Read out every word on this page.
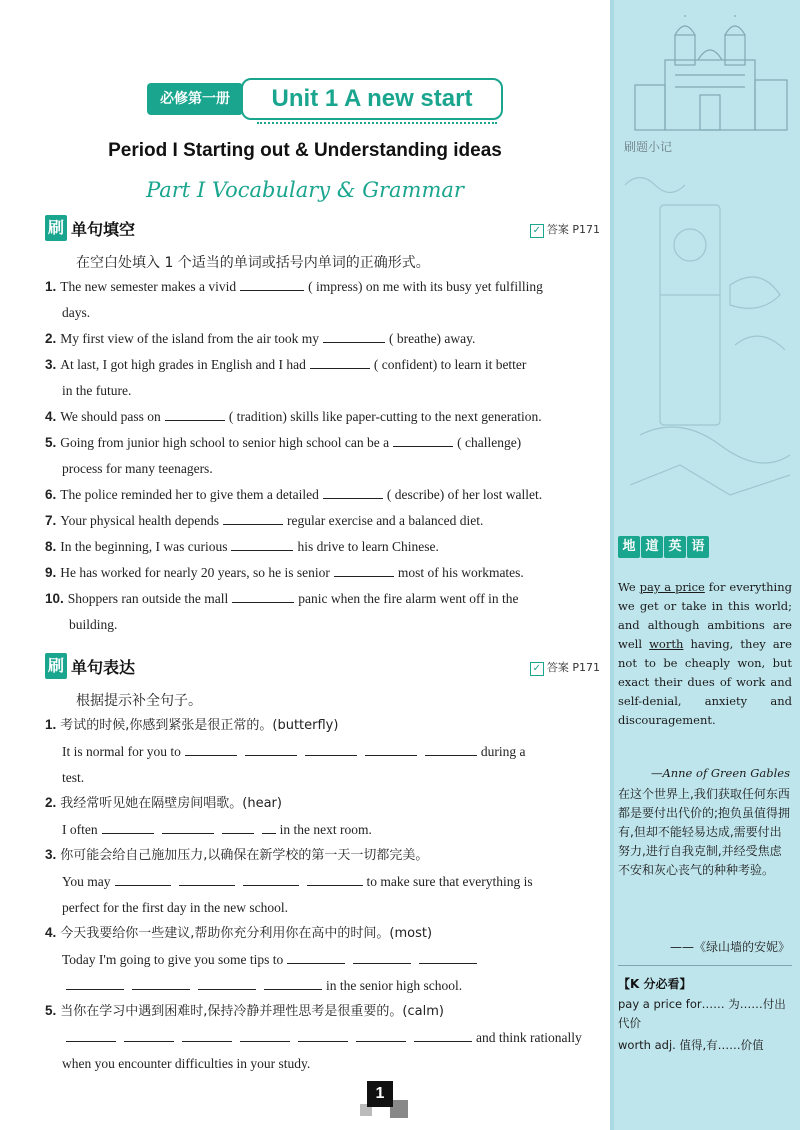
Unit 1 A new start
必修第一册
Period I Starting out & Understanding ideas
Part I Vocabulary & Grammar
刷 单句填空	✓ 答案 P171
在空白处填入 1 个适当的单词或括号内单词的正确形式。
1. The new semester makes a vivid	( impress) on me with its busy yet fulfilling
days.
2. My first view of the island from the air took my	( breathe) away.
3. At last, I got high grades in English and I had	( confident) to learn it better
in the future.
4. We should pass on	( tradition) skills like paper-cutting to the next generation.
5. Going from junior high school to senior high school can be a	( challenge)
process for many teenagers.
6. The police reminded her to give them a detailed	( describe) of her lost wallet.
7. Your physical health depends	regular exercise and a balanced diet.
8. In the beginning, I was curious	his drive to learn Chinese.
9. He has worked for nearly 20 years, so he is senior	most of his workmates.
10. Shoppers ran outside the mall	panic when the fire alarm went off in the
building.
刷 单句表达	✓ 答案 P171
根据提示补全句子。
1. 考试的时候,你感到紧张是很正常的。(butterfly)
It is normal for you to	during a
test.
2. 我经常听见她在隔壁房间唱歌。(hear)
I often	in the next room.
3. 你可能会给自己施加压力,以确保在新学校的第一天一切都完美。
You may	to make sure that everything is
perfect for the first day in the new school.
4. 今天我要给你一些建议,帮助你充分利用你在高中的时间。(most)
Today I'm going to give you some tips to
in the senior high school.
5. 当你在学习中遇到困难时,保持冷静并理性思考是很重要的。(calm)
and think rationally
when you encounter difficulties in your study.
1
刷题小记
地 道 英 语
We pay a price for everything we get or take in this world; and although ambitions are well worth having, they are not to be cheaply won, but exact their dues of work and self-denial, anxiety and discouragement.
—Anne of Green Gables
在这个世界上,我们获取任何东西都是要付出代价的;抱负虽值得拥有,但却不能轻易达成,需要付出努力,进行自我克制,并经受焦虑不安和灰心丧气的种种考验。
——《绿山墙的安妮》
【K 分必看】
pay a price for…… 为……付出代价
worth adj. 值得,有……价值
